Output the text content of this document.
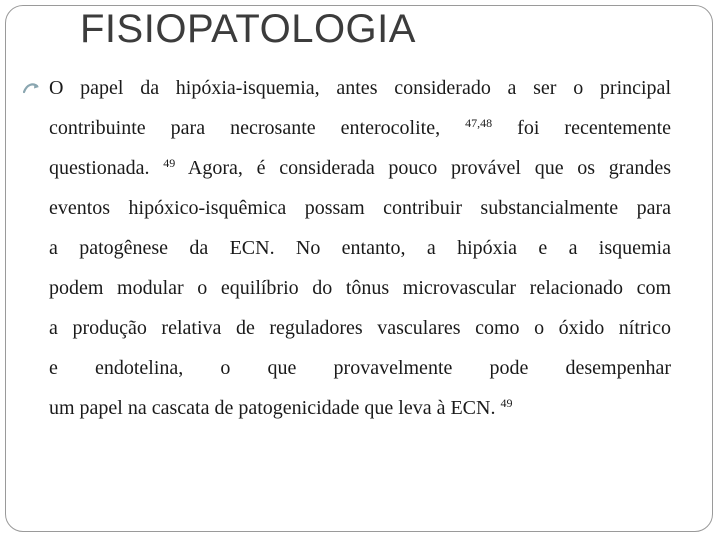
FISIOPATOLOGIA
O papel da hipóxia-isquemia, antes considerado a ser o principal
contribuinte para necrosante enterocolite, $^{47,48}$ foi recentemente
questionada. $^{49}$ Agora, é considerada pouco provável que os grandes
eventos hipóxico-isquêmica possam contribuir substancialmente para
a patogênese da ECN. No entanto, a hipóxia e a isquemia
podem modular o equilíbrio do tônus microvascular relacionado com
a produção relativa de reguladores vasculares como o óxido nítrico
e endotelina, o que provavelmente pode desempenhar
um papel na cascata de patogenicidade que leva à ECN. $^{49}$
